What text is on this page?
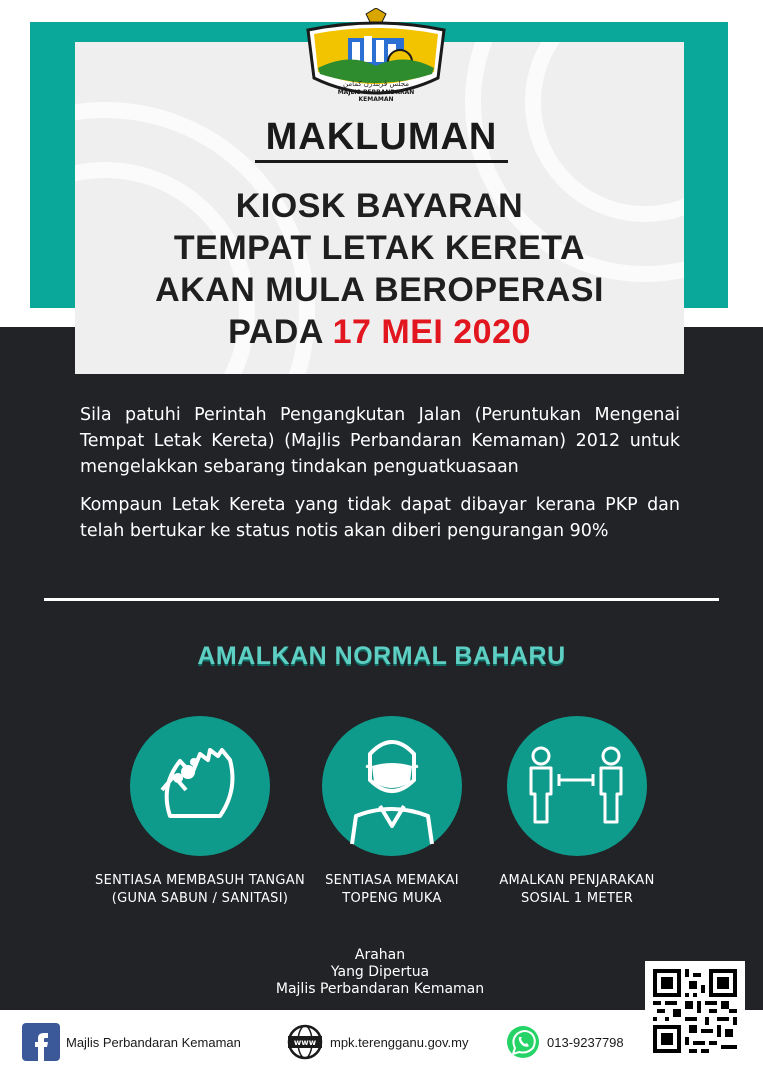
مجلس ڤربندرن كمامن
MAJLIS PERBANDARAN
KEMAMAN
MAKLUMAN
KIOSK BAYARAN
TEMPAT LETAK KERETA
AKAN MULA BEROPERASI
PADA 17 MEI 2020
Sila patuhi Perintah Pengangkutan Jalan (Peruntukan Mengenai Tempat Letak Kereta) (Majlis Perbandaran Kemaman) 2012 untuk mengelakkan sebarang tindakan penguatkuasaan
Kompaun Letak Kereta yang tidak dapat dibayar kerana PKP dan telah bertukar ke status notis akan diberi pengurangan 90%
AMALKAN NORMAL BAHARU
SENTIASA MEMBASUH TANGAN
(GUNA SABUN / SANITASI)
SENTIASA MEMAKAI
TOPENG MUKA
AMALKAN PENJARAKAN
SOSIAL 1 METER
Arahan
Yang Dipertua
Majlis Perbandaran Kemaman
Majlis Perbandaran Kemaman	www mpk.terengganu.gov.my	013-9237798
